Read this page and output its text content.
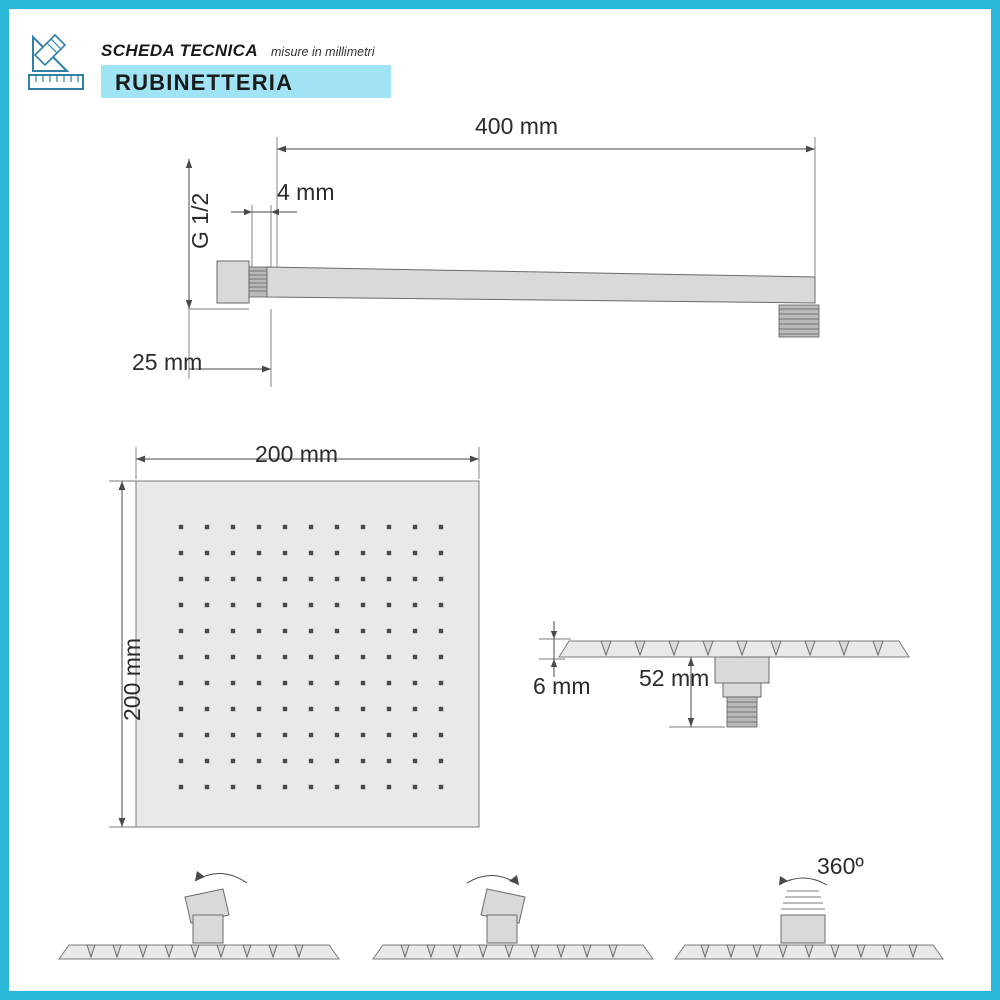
SCHEDA TECNICA misure in millimetri
RUBINETTERIA
400 mm
4 mm
25 mm
G 1/2
200 mm
200 mm	6 mm 52 mm
360º
